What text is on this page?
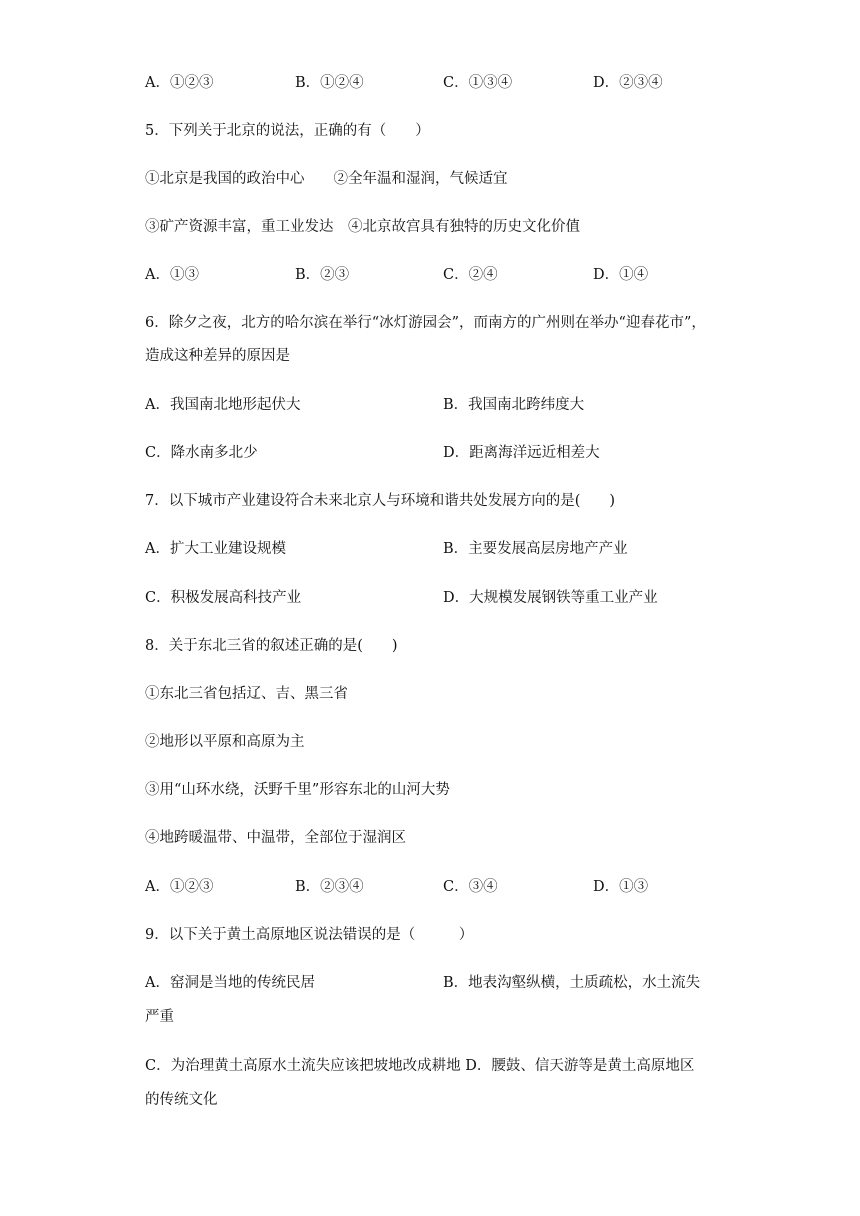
A．①②③	B．①②④	C．①③④	D．②③④
5．下列关于北京的说法，正确的有（　　）
①北京是我国的政治中心　　②全年温和湿润，气候适宜
③矿产资源丰富，重工业发达　④北京故宫具有独特的历史文化价值
A．①③	B．②③	C．②④	D．①④
6．除夕之夜，北方的哈尔滨在举行“冰灯游园会”，而南方的广州则在举办“迎春花市”，
造成这种差异的原因是
A．我国南北地形起伏大	B．我国南北跨纬度大
C．降水南多北少	D．距离海洋远近相差大
7．以下城市产业建设符合未来北京人与环境和谐共处发展方向的是(　　)
A．扩大工业建设规模	B．主要发展高层房地产产业
C．积极发展高科技产业	D．大规模发展钢铁等重工业产业
8．关于东北三省的叙述正确的是(　　)
①东北三省包括辽、吉、黑三省
②地形以平原和高原为主
③用“山环水绕，沃野千里”形容东北的山河大势
④地跨暖温带、中温带，全部位于湿润区
A．①②③	B．②③④	C．③④	D．①③
9．以下关于黄土高原地区说法错误的是（　　　）
A．窑洞是当地的传统民居	B．地表沟壑纵横，土质疏松，水土流失
严重
C．为治理黄土高原水土流失应该把坡地改成耕地 D．腰鼓、信天游等是黄土高原地区
的传统文化
